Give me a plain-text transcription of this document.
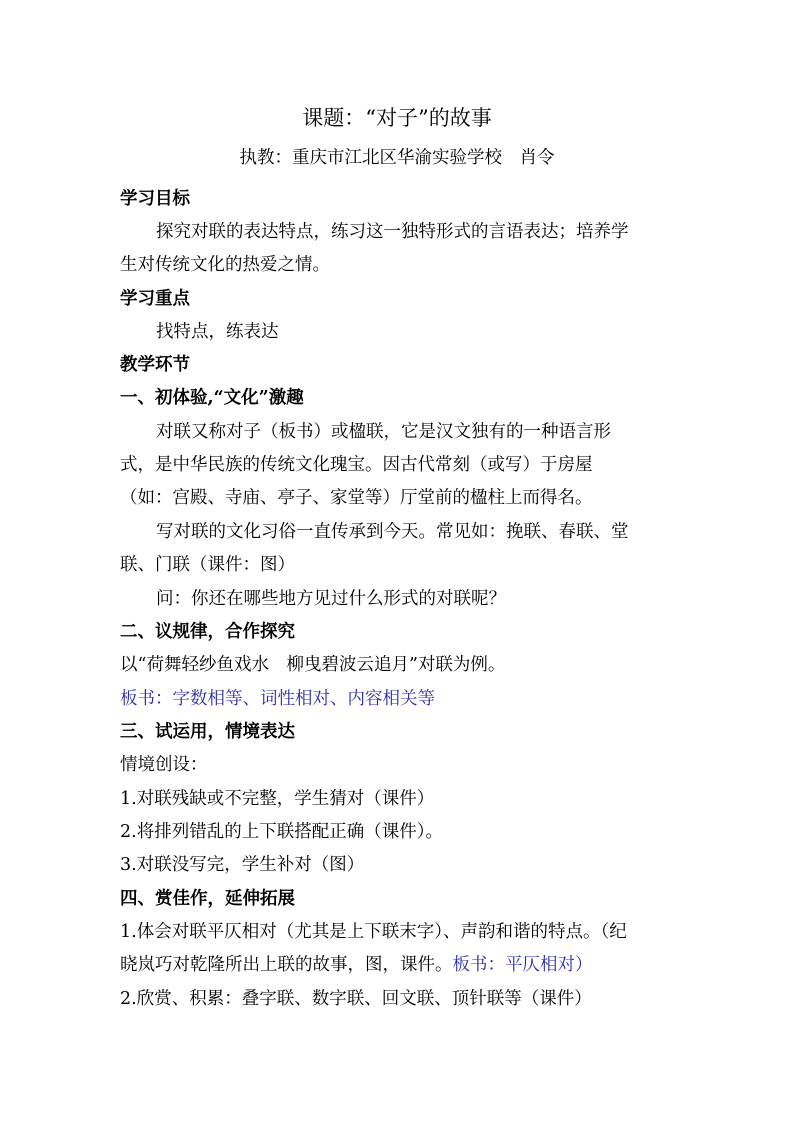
课题：“对子”的故事
执教：重庆市江北区华渝实验学校　肖令
学习目标
探究对联的表达特点，练习这一独特形式的言语表达；培养学
生对传统文化的热爱之情。
学习重点
找特点，练表达
教学环节
一、初体验,“文化”激趣
对联又称对子（板书）或楹联，它是汉文独有的一种语言形
式，是中华民族的传统文化瑰宝。因古代常刻（或写）于房屋
（如：宫殿、寺庙、亭子、家堂等）厅堂前的楹柱上而得名。
写对联的文化习俗一直传承到今天。常见如：挽联、春联、堂
联、门联（课件：图）
问：你还在哪些地方见过什么形式的对联呢？
二、议规律，合作探究
以“荷舞轻纱鱼戏水　柳曳碧波云追月”对联为例。
板书：字数相等、词性相对、内容相关等
三、试运用，情境表达
情境创设：
1.对联残缺或不完整，学生猜对（课件）
2.将排列错乱的上下联搭配正确（课件）。
3.对联没写完，学生补对（图）
四、赏佳作，延伸拓展
1.体会对联平仄相对（尤其是上下联末字）、声韵和谐的特点。（纪
晓岚巧对乾隆所出上联的故事，图，课件。板书：平仄相对）
2.欣赏、积累：叠字联、数字联、回文联、顶针联等（课件）
